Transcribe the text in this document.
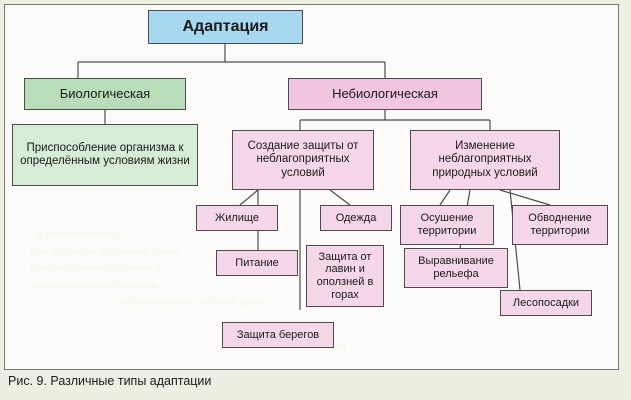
Адаптация
Биологическая	Небиологическая
Приспособление организма к определённым условиям жизни
Создание защиты от неблагоприятных условий
Изменение неблагоприятных природных условий
Жилище
Питание
Одежда
Защита от лавин и оползней в горах
Защита берегов
Осушение территории
Выравнивание рельефа
Обводнение территории
Лесопосадки
Рис. 9. Различные типы адаптации
